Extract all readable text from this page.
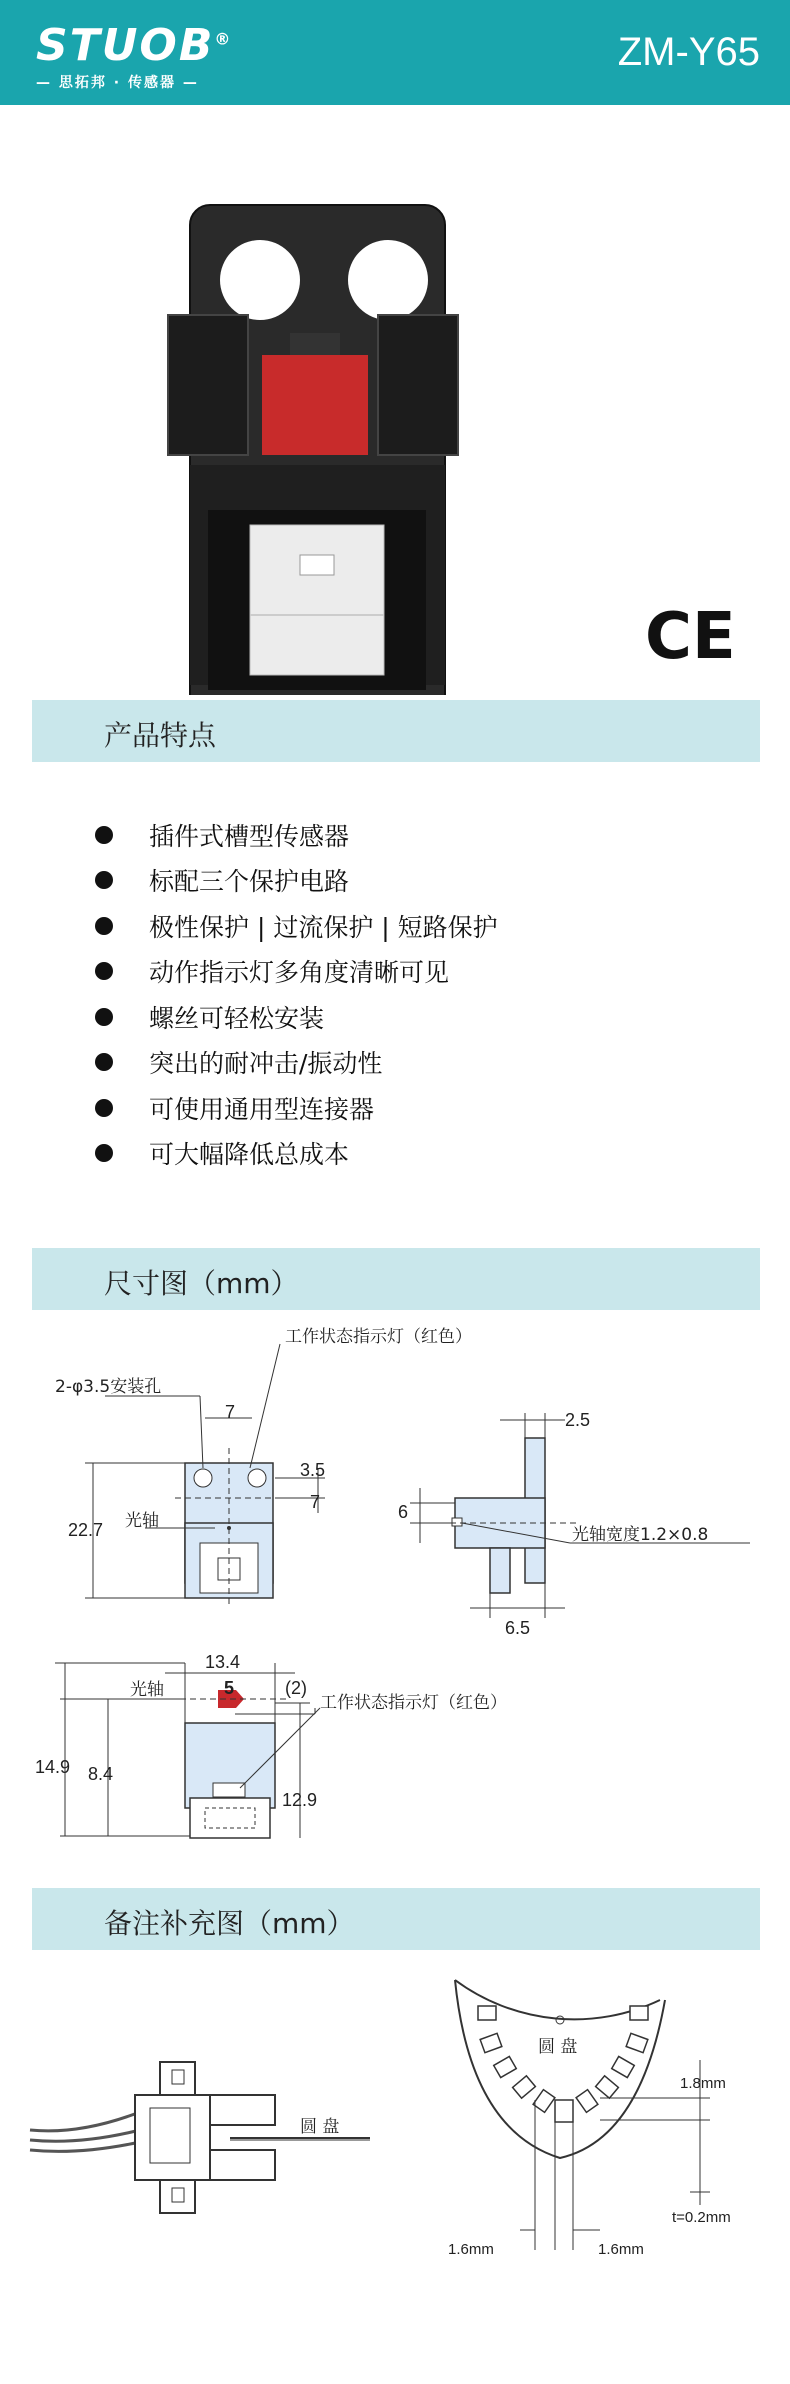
STUOB®
— 思拓邦 · 传感器 —
ZM-Y65
CE
产品特点
插件式槽型传感器
标配三个保护电路
极性保护 | 过流保护 | 短路保护
动作指示灯多角度清晰可见
螺丝可轻松安装
突出的耐冲击/振动性
可使用通用型连接器
可大幅降低总成本
尺寸图（mm）
工作状态指示灯（红色）
2-φ3.5安装孔
7
3.5
7
22.7 光轴
2.5
6
6.5
光轴宽度1.2×0.8
13.4
5	(2)
光轴
工作状态指示灯（红色）
8.4
14.9
12.9
备注补充图（mm）
圆 盘
圆 盘
1.8mm
t=0.2mm
1.6mm	1.6mm
